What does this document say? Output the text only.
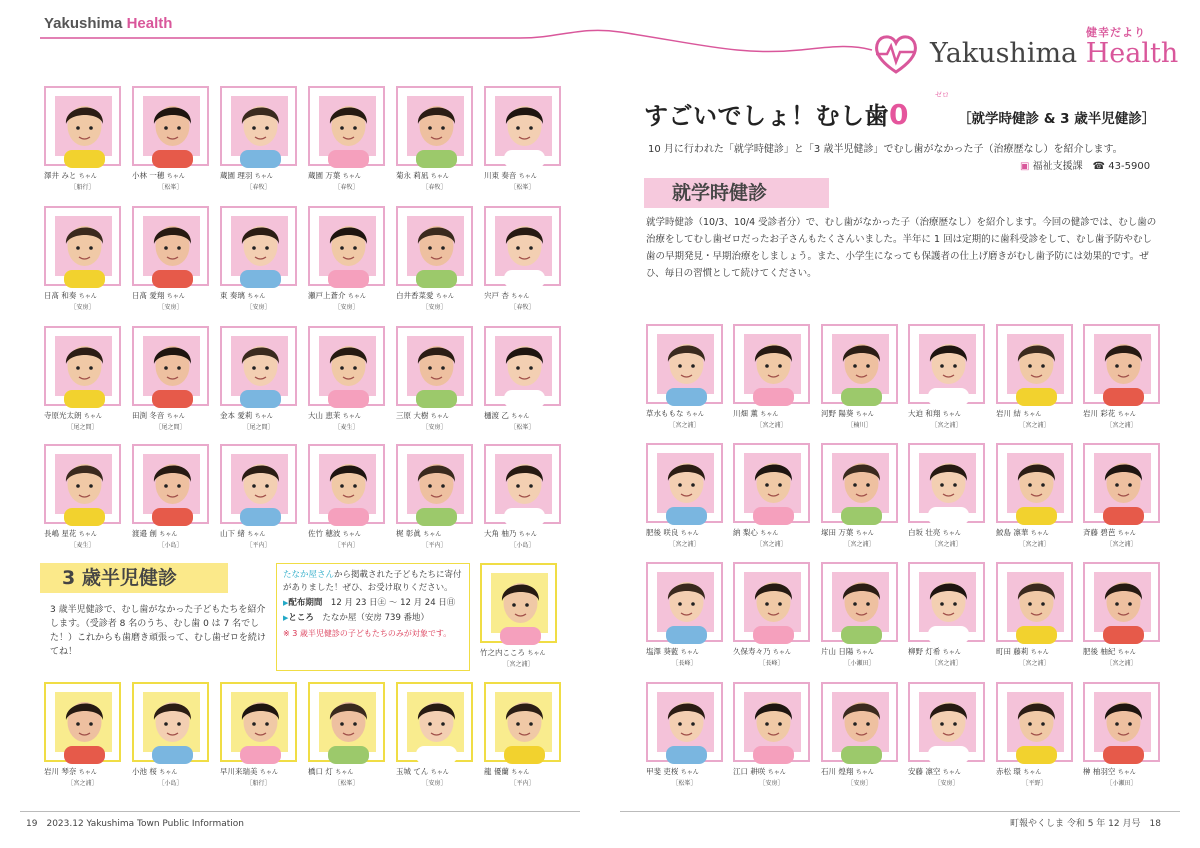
Yakushima Health
健幸だより
Yakushima Health
澤井 みと ちゃん
［船行］
小林 一穂 ちゃん
［松峯］
蔵園 理羽 ちゃん
［春牧］
蔵園 万葉 ちゃん
［春牧］
菊永 莉凪 ちゃん
［春牧］
川東 奏音 ちゃん
［松峯］
日髙 和奏 ちゃん
［安房］
日髙 愛翔 ちゃん
［安房］
東 奏璃 ちゃん
［安房］
瀬戸上蒼介 ちゃん
［安房］
白井香菜愛 ちゃん
［安房］
宍戸 杏 ちゃん
［春牧］
寺原光太朗 ちゃん
［尾之間］
田渕 冬音 ちゃん
［尾之間］
金本 愛莉 ちゃん
［尾之間］
大山 恵茉 ちゃん
［麦生］
三原 大樹 ちゃん
［安房］
樋渡 乙 ちゃん
［松峯］
長嶋 星花 ちゃん
［麦生］
渡邉 創 ちゃん
［小島］
山下 緒 ちゃん
［平内］
佐竹 穂波 ちゃん
［平内］
梶 彰眞 ちゃん
［平内］
大角 柚乃 ちゃん
［小島］
3 歳半児健診
3 歳半児健診で、むし歯がなかった子どもたちを紹介します。（受診者 8 名のうち、むし歯 0 は 7 名でした！）これからも歯磨き頑張って、むし歯ゼロを続けてね！
たなか屋さんから掲載された子どもたちに寄付がありました！ぜひ、お受け取りください。
▶配布期間　 12 月 23 日㊏ ～ 12 月 24 日㊐
▶ところ　 たなか屋（安房 739 番地）
※ 3 歳半児健診の子どもたちのみが対象です。
竹之内こころ ちゃん
［宮之浦］
岩川 琴奈 ちゃん
［宮之浦］
小池 桜 ちゃん
［小島］
早川来瑞美 ちゃん
［船行］
橋口 灯 ちゃん
［松峯］
玉城 てん ちゃん
［安房］
龍 優蘭 ちゃん
［平内］
すごいでしょ！むし歯0
ゼロ
［就学時健診 & 3 歳半児健診］
10 月に行われた「就学時健診」と「3 歳半児健診」でむし歯がなかった子（治療歴なし）を紹介します。
▣ 福祉支援課　 ☎ 43-5900
就学時健診
就学時健診（10/3、10/4 受診者分）で、むし歯がなかった子（治療歴なし）を紹介します。今回の健診では、むし歯の治療をしてむし歯ゼロだったお子さんもたくさんいました。半年に 1 回は定期的に歯科受診をして、むし歯予防やむし歯の早期発見・早期治療をしましょう。また、小学生になっても保護者の仕上げ磨きがむし歯予防には効果的です。ぜひ、毎日の習慣として続けてください。
草水ももな ちゃん
［宮之浦］
川畑 薫 ちゃん
［宮之浦］
河野 陽葵 ちゃん
［楠川］
大迫 和翔 ちゃん
［宮之浦］
岩川 結 ちゃん
［宮之浦］
岩川 彩花 ちゃん
［宮之浦］
肥後 咲良 ちゃん
［宮之浦］
納 梨心 ちゃん
［宮之浦］
塚田 万葉 ちゃん
［宮之浦］
白坂 壮亮 ちゃん
［宮之浦］
鮫島 凛華 ちゃん
［宮之浦］
斉藤 碧芭 ちゃん
［宮之浦］
塩澤 葵藍 ちゃん
［長峰］
久保寿々乃 ちゃん
［長峰］
片山 日陽 ちゃん
［小瀬田］
柳野 灯希 ちゃん
［宮之浦］
町田 藤莉 ちゃん
［宮之浦］
肥後 柚紀 ちゃん
［宮之浦］
甲斐 吏桜 ちゃん
［松峯］
江口 耕咲 ちゃん
［安房］
石川 煌翔 ちゃん
［安房］
安藤 凛空 ちゃん
［安房］
赤松 環 ちゃん
［平野］
榊 柚羽空 ちゃん
［小瀬田］
19　 2023.12 Yakushima Town Public Information	町報やくしま 令和 5 年 12 月号　 18
